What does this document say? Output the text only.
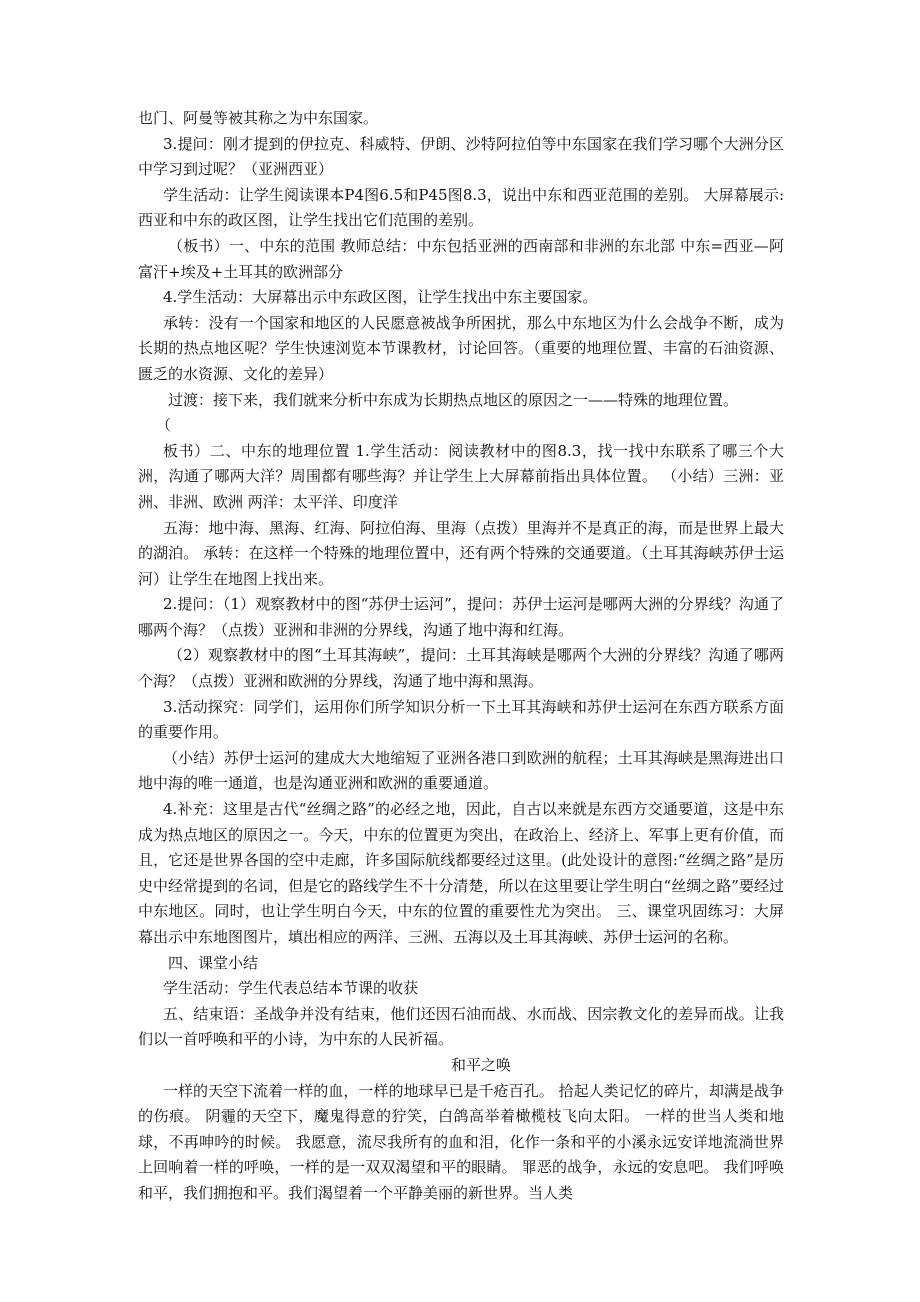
也门、阿曼等被其称之为中东国家。

3.提问：刚才提到的伊拉克、科威特、伊朗、沙特阿拉伯等中东国家在我们学习哪个大洲分区中学习到过呢？（亚洲西亚）

学生活动：让学生阅读课本P4图6.5和P45图8.3，说出中东和西亚范围的差别。 大屏幕展示:西亚和中东的政区图，让学生找出它们范围的差别。

（板书）一、中东的范围 教师总结：中东包括亚洲的西南部和非洲的东北部 中东=西亚—阿富汗+埃及+土耳其的欧洲部分

4.学生活动：大屏幕出示中东政区图，让学生找出中东主要国家。

承转：没有一个国家和地区的人民愿意被战争所困扰，那么中东地区为什么会战争不断，成为长期的热点地区呢？学生快速浏览本节课教材，讨论回答。（重要的地理位置、丰富的石油资源、匮乏的水资源、文化的差异）

过渡：接下来，我们就来分析中东成为长期热点地区的原因之一——特殊的地理位置。

（

板书）二、中东的地理位置 1.学生活动：阅读教材中的图8.3，找一找中东联系了哪三个大洲，沟通了哪两大洋？周围都有哪些海？并让学生上大屏幕前指出具体位置。 （小结）三洲：亚洲、非洲、欧洲 两洋：太平洋、印度洋

五海：地中海、黑海、红海、阿拉伯海、里海（点拨）里海并不是真正的海，而是世界上最大的湖泊。 承转：在这样一个特殊的地理位置中，还有两个特殊的交通要道。（土耳其海峡苏伊士运河）让学生在地图上找出来。

2.提问：（1）观察教材中的图“苏伊士运河”，提问：苏伊士运河是哪两大洲的分界线？沟通了哪两个海？（点拨）亚洲和非洲的分界线，沟通了地中海和红海。

（2）观察教材中的图“土耳其海峡”，提问：土耳其海峡是哪两个大洲的分界线？沟通了哪两个海？（点拨）亚洲和欧洲的分界线，沟通了地中海和黑海。

3.活动探究：同学们，运用你们所学知识分析一下土耳其海峡和苏伊士运河在东西方联系方面的重要作用。

（小结）苏伊士运河的建成大大地缩短了亚洲各港口到欧洲的航程；土耳其海峡是黑海进出口地中海的唯一通道，也是沟通亚洲和欧洲的重要通道。

4.补充：这里是古代“丝绸之路”的必经之地，因此，自古以来就是东西方交通要道，这是中东成为热点地区的原因之一。今天，中东的位置更为突出，在政治上、经济上、军事上更有价值，而且，它还是世界各国的空中走廊，许多国际航线都要经过这里。(此处设计的意图:“丝绸之路”是历史中经常提到的名词，但是它的路线学生不十分清楚，所以在这里要让学生明白“丝绸之路”要经过中东地区。同时，也让学生明白今天，中东的位置的重要性尤为突出。 三、课堂巩固练习：大屏幕出示中东地图图片，填出相应的两洋、三洲、五海以及土耳其海峡、苏伊士运河的名称。

四、课堂小结

学生活动：学生代表总结本节课的收获

五、结束语：圣战争并没有结束，他们还因石油而战、水而战、因宗教文化的差异而战。让我们以一首呼唤和平的小诗，为中东的人民祈福。

和平之唤

一样的天空下流着一样的血，一样的地球早已是千疮百孔。 拾起人类记忆的碎片，却满是战争的伤痕。 阴霾的天空下，魔鬼得意的狞笑，白鸽高举着橄榄枝飞向太阳。 一样的世当人类和地球，不再呻吟的时候。 我愿意，流尽我所有的血和泪，化作一条和平的小溪永远安详地流淌世界上回响着一样的呼唤，一样的是一双双渴望和平的眼睛。 罪恶的战争，永远的安息吧。 我们呼唤和平，我们拥抱和平。我们渴望着一个平静美丽的新世界。当人类
